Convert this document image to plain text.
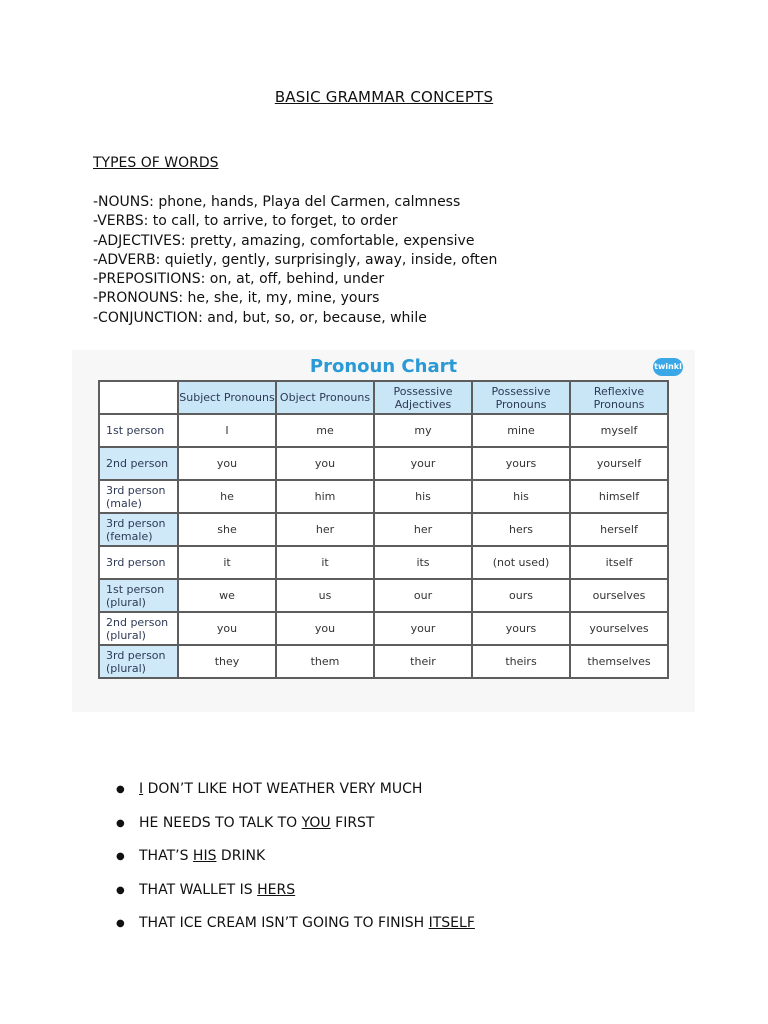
BASIC GRAMMAR CONCEPTS
TYPES OF WORDS
-NOUNS: phone, hands, Playa del Carmen, calmness
-VERBS: to call, to arrive, to forget, to order
-ADJECTIVES: pretty, amazing, comfortable, expensive
-ADVERB: quietly, gently, surprisingly, away, inside, often
-PREPOSITIONS: on, at, off, behind, under
-PRONOUNS: he, she, it, my, mine, yours
-CONJUNCTION: and, but, so, or, because, while
Pronoun Chart	twinkl
	Subject Pronouns	Object Pronouns	Possessive Adjectives	Possessive Pronouns	Reflexive Pronouns
1st person	I	me	my	mine	myself
2nd person	you	you	your	yours	yourself
3rd person (male)	he	him	his	his	himself
3rd person (female)	she	her	her	hers	herself
3rd person	it	it	its	(not used)	itself
1st person (plural)	we	us	our	ours	ourselves
2nd person (plural)	you	you	your	yours	yourselves
3rd person (plural)	they	them	their	theirs	themselves
● I DON’T LIKE HOT WEATHER VERY MUCH
● HE NEEDS TO TALK TO YOU FIRST
● THAT’S HIS DRINK
● THAT WALLET IS HERS
● THAT ICE CREAM ISN’T GOING TO FINISH ITSELF
